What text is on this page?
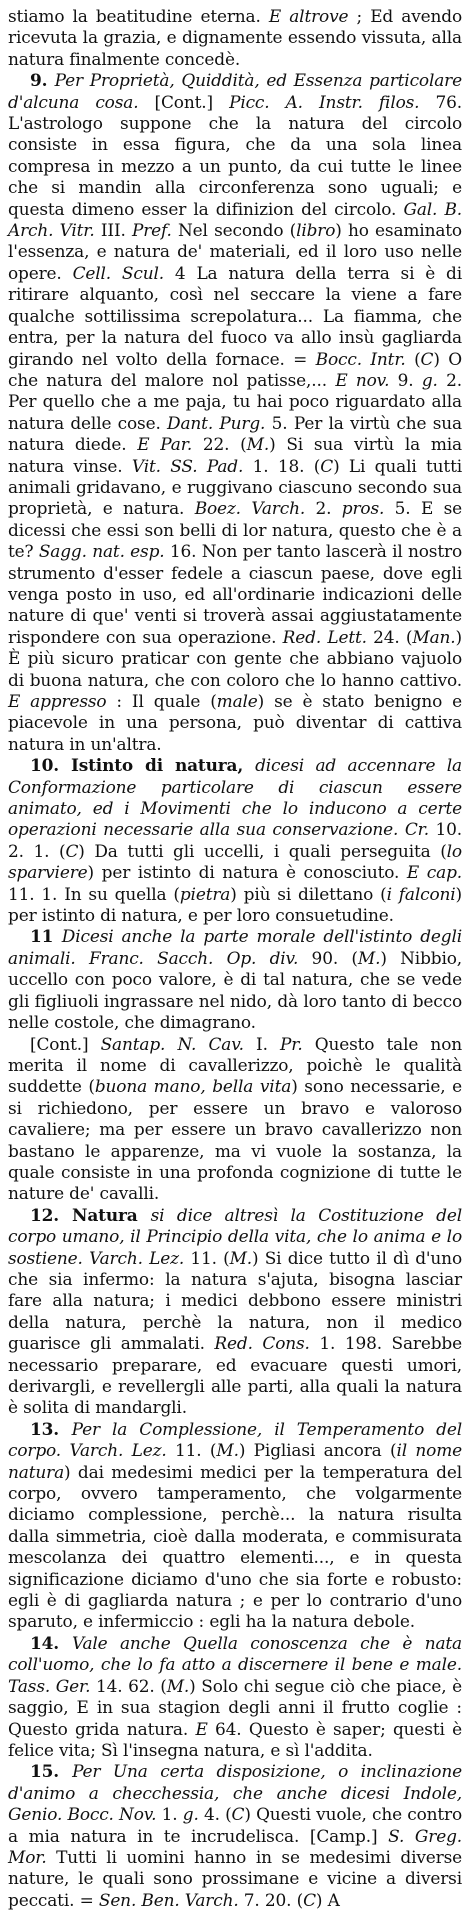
stiamo la beatitudine eterna. E altrove ; Ed avendo ricevuta la grazia, e dignamente essendo vissuta, alla natura finalmente concedè.

9. Per Proprietà, Quiddità, ed Essenza particolare d'alcuna cosa. [Cont.] Picc. A. Instr. filos. 76. L'astrologo suppone che la natura del circolo consiste in essa figura, che da una sola linea compresa in mezzo a un punto, da cui tutte le linee che si mandin alla circonferenza sono uguali; e questa dimeno esser la difinizion del circolo. Gal. B. Arch. Vitr. III. Pref. Nel secondo (libro) ho esaminato l'essenza, e natura de' materiali, ed il loro uso nelle opere. Cell. Scul. 4 La natura della terra si è di ritirare alquanto, così nel seccare la viene a fare qualche sottilissima screpolatura... La fiamma, che entra, per la natura del fuoco va allo insù gagliarda girando nel volto della fornace. = Bocc. Intr. (C) O che natura del malore nol patisse,... E nov. 9. g. 2. Per quello che a me paja, tu hai poco riguardato alla natura delle cose. Dant. Purg. 5. Per la virtù che sua natura diede. E Par. 22. (M.) Si sua virtù la mia natura vinse. Vit. SS. Pad. 1. 18. (C) Li quali tutti animali gridavano, e ruggivano ciascuno secondo sua proprietà, e natura. Boez. Varch. 2. pros. 5. E se dicessi che essi son belli di lor natura, questo che è a te? Sagg. nat. esp. 16. Non per tanto lascerà il nostro strumento d'esser fedele a ciascun paese, dove egli venga posto in uso, ed all'ordinarie indicazioni delle nature di que' venti si troverà assai aggiustatamente rispondere con sua operazione. Red. Lett. 24. (Man.) È più sicuro praticar con gente che abbiano vajuolo di buona natura, che con coloro che lo hanno cattivo. E appresso : Il quale (male) se è stato benigno e piacevole in una persona, può diventar di cattiva natura in un'altra.

10. Istinto di natura, dicesi ad accennare la Conformazione particolare di ciascun essere animato, ed i Movimenti che lo inducono a certe operazioni necessarie alla sua conservazione. Cr. 10. 2. 1. (C) Da tutti gli uccelli, i quali perseguita (lo sparviere) per istinto di natura è conosciuto. E cap. 11. 1. In su quella (pietra) più si dilettano (i falconi) per istinto di natura, e per loro consuetudine.

11 Dicesi anche la parte morale dell'istinto degli animali. Franc. Sacch. Op. div. 90. (M.) Nibbio, uccello con poco valore, è di tal natura, che se vede gli figliuoli ingrassare nel nido, dà loro tanto di becco nelle costole, che dimagrano.

[Cont.] Santap. N. Cav. I. Pr. Questo tale non merita il nome di cavallerizzo, poichè le qualità suddette (buona mano, bella vita) sono necessarie, e si richiedono, per essere un bravo e valoroso cavaliere; ma per essere un bravo cavallerizzo non bastano le apparenze, ma vi vuole la sostanza, la quale consiste in una profonda cognizione di tutte le nature de' cavalli.

12. Natura si dice altresì la Costituzione del corpo umano, il Principio della vita, che lo anima e lo sostiene. Varch. Lez. 11. (M.) Si dice tutto il dì d'uno che sia infermo: la natura s'ajuta, bisogna lasciar fare alla natura; i medici debbono essere ministri della natura, perchè la natura, non il medico guarisce gli ammalati. Red. Cons. 1. 198. Sarebbe necessario preparare, ed evacuare questi umori, derivargli, e revellergli alle parti, alla quali la natura è solita di mandargli.

13. Per la Complessione, il Temperamento del corpo. Varch. Lez. 11. (M.) Pigliasi ancora (il nome natura) dai medesimi medici per la temperatura del corpo, ovvero tamperamento, che volgarmente diciamo complessione, perchè... la natura risulta dalla simmetria, cioè dalla moderata, e commisurata mescolanza dei quattro elementi..., e in questa significazione diciamo d'uno che sia forte e robusto: egli è di gagliarda natura ; e per lo contrario d'uno sparuto, e infermiccio : egli ha la natura debole.

14. Vale anche Quella conoscenza che è nata coll'uomo, che lo fa atto a discernere il bene e male. Tass. Ger. 14. 62. (M.) Solo chi segue ciò che piace, è saggio, E in sua stagion degli anni il frutto coglie : Questo grida natura. E 64. Questo è saper; questi è felice vita; Sì l'insegna natura, e sì l'addita.

15. Per Una certa disposizione, o inclinazione d'animo a checchessia, che anche dicesi Indole, Genio. Bocc. Nov. 1. g. 4. (C) Questi vuole, che contro a mia natura in te incrudelisca. [Camp.] S. Greg. Mor. Tutti li uomini hanno in se medesimi diverse nature, le quali sono prossimane e vicine a diversi peccati. = Sen. Ben. Varch. 7. 20. (C) A
